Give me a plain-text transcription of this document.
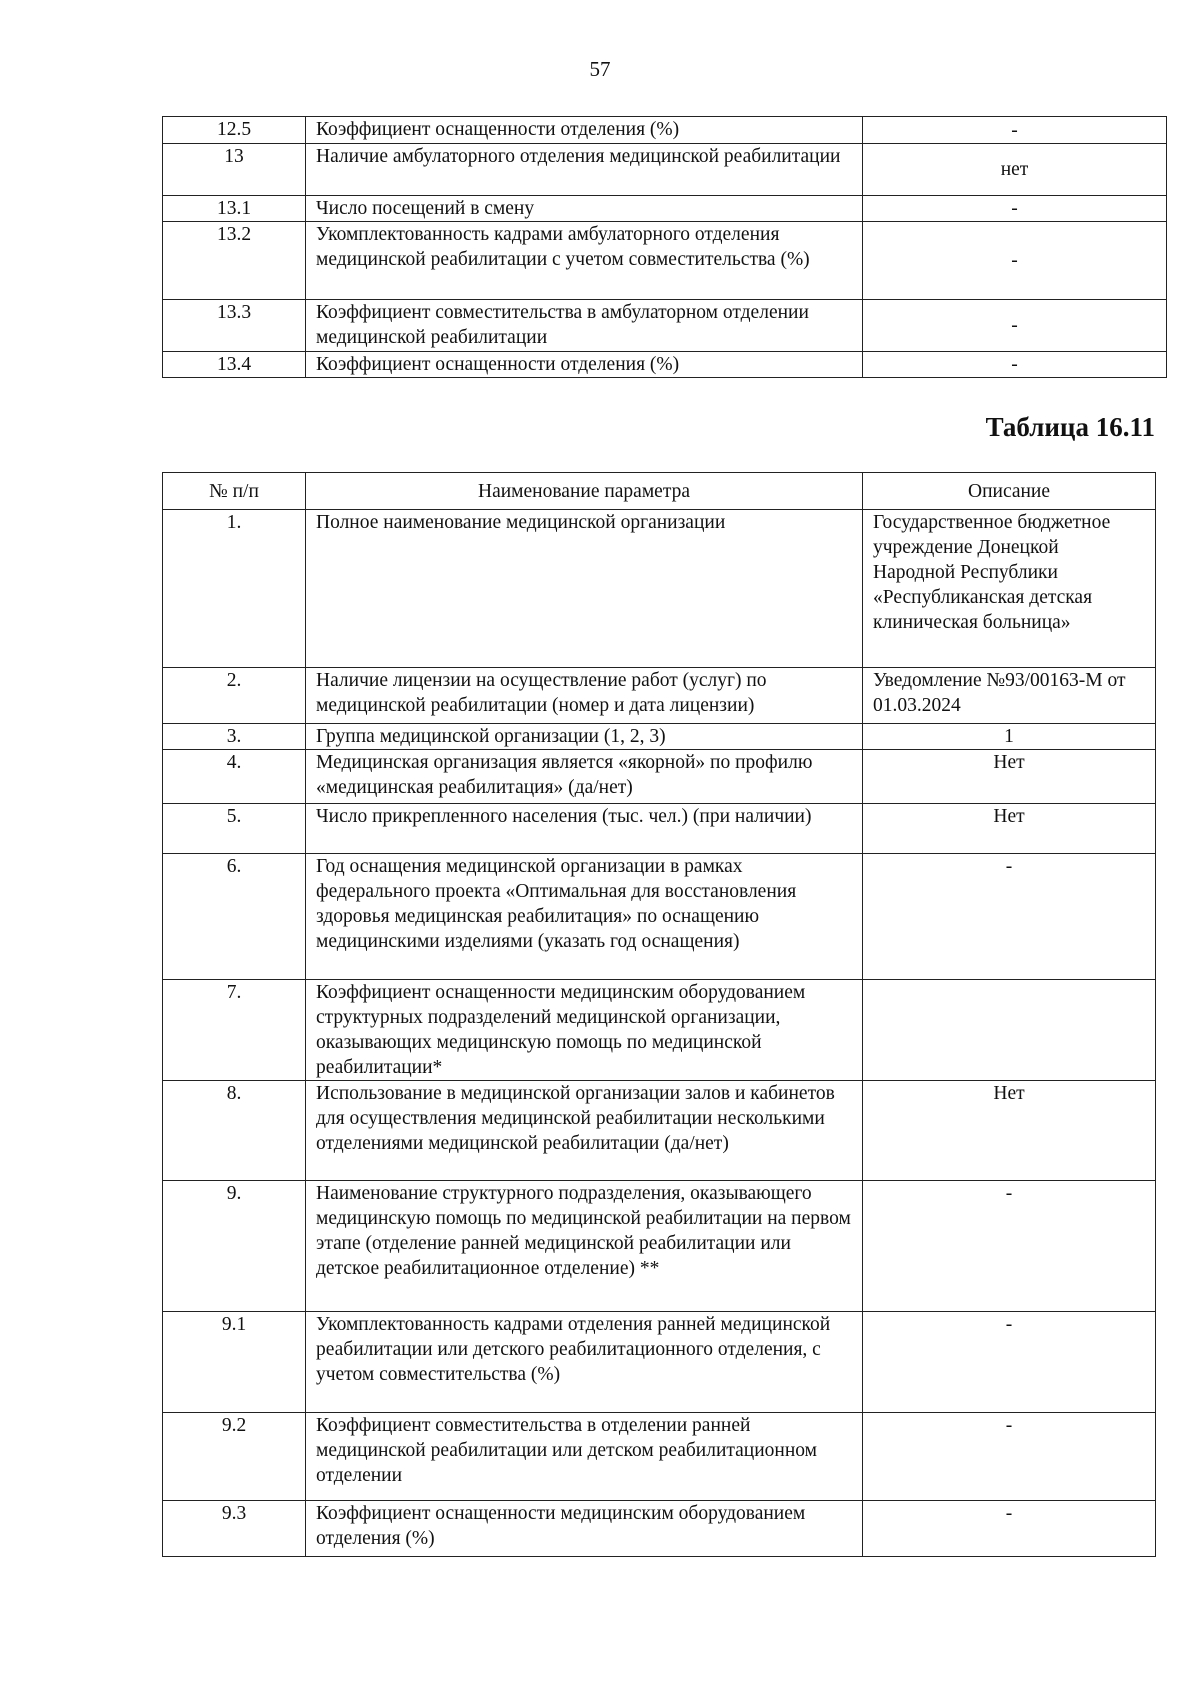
57
12.5	Коэффициент оснащенности отделения (%)	-
13	Наличие амбулаторного отделения медицинской реабилитации	нет
13.1	Число посещений в смену	-
13.2	Укомплектованность кадрами амбулаторного отделения медицинской реабилитации с учетом совместительства (%)	-
13.3	Коэффициент совместительства в амбулаторном отделении медицинской реабилитации	-
13.4	Коэффициент оснащенности отделения (%)	-
Таблица 16.11
№ п/п	Наименование параметра	Описание
1.	Полное наименование медицинской организации	Государственное бюджетное учреждение Донецкой Народной Республики «Республиканская детская клиническая больница»
2.	Наличие лицензии на осуществление работ (услуг) по медицинской реабилитации (номер и дата лицензии)	Уведомление №93/00163-М от 01.03.2024
3.	Группа медицинской организации (1, 2, 3)	1
4.	Медицинская организация является «якорной» по профилю «медицинская реабилитация» (да/нет)	Нет
5.	Число прикрепленного населения (тыс. чел.) (при наличии)	Нет
6.	Год оснащения медицинской организации в рамках федерального проекта «Оптимальная для восстановления здоровья медицинская реабилитация» по оснащению медицинскими изделиями (указать год оснащения)	-
7.	Коэффициент оснащенности медицинским оборудованием структурных подразделений медицинской организации, оказывающих медицинскую помощь по медицинской реабилитации*	
8.	Использование в медицинской организации залов и кабинетов для осуществления медицинской реабилитации несколькими отделениями медицинской реабилитации (да/нет)	Нет
9.	Наименование структурного подразделения, оказывающего медицинскую помощь по медицинской реабилитации на первом этапе (отделение ранней медицинской реабилитации или детское реабилитационное отделение) **	-
9.1	Укомплектованность кадрами отделения ранней медицинской реабилитации или детского реабилитационного отделения, с учетом совместительства (%)	-
9.2	Коэффициент совместительства в отделении ранней медицинской реабилитации или детском реабилитационном отделении	-
9.3	Коэффициент оснащенности медицинским оборудованием отделения (%)	-
